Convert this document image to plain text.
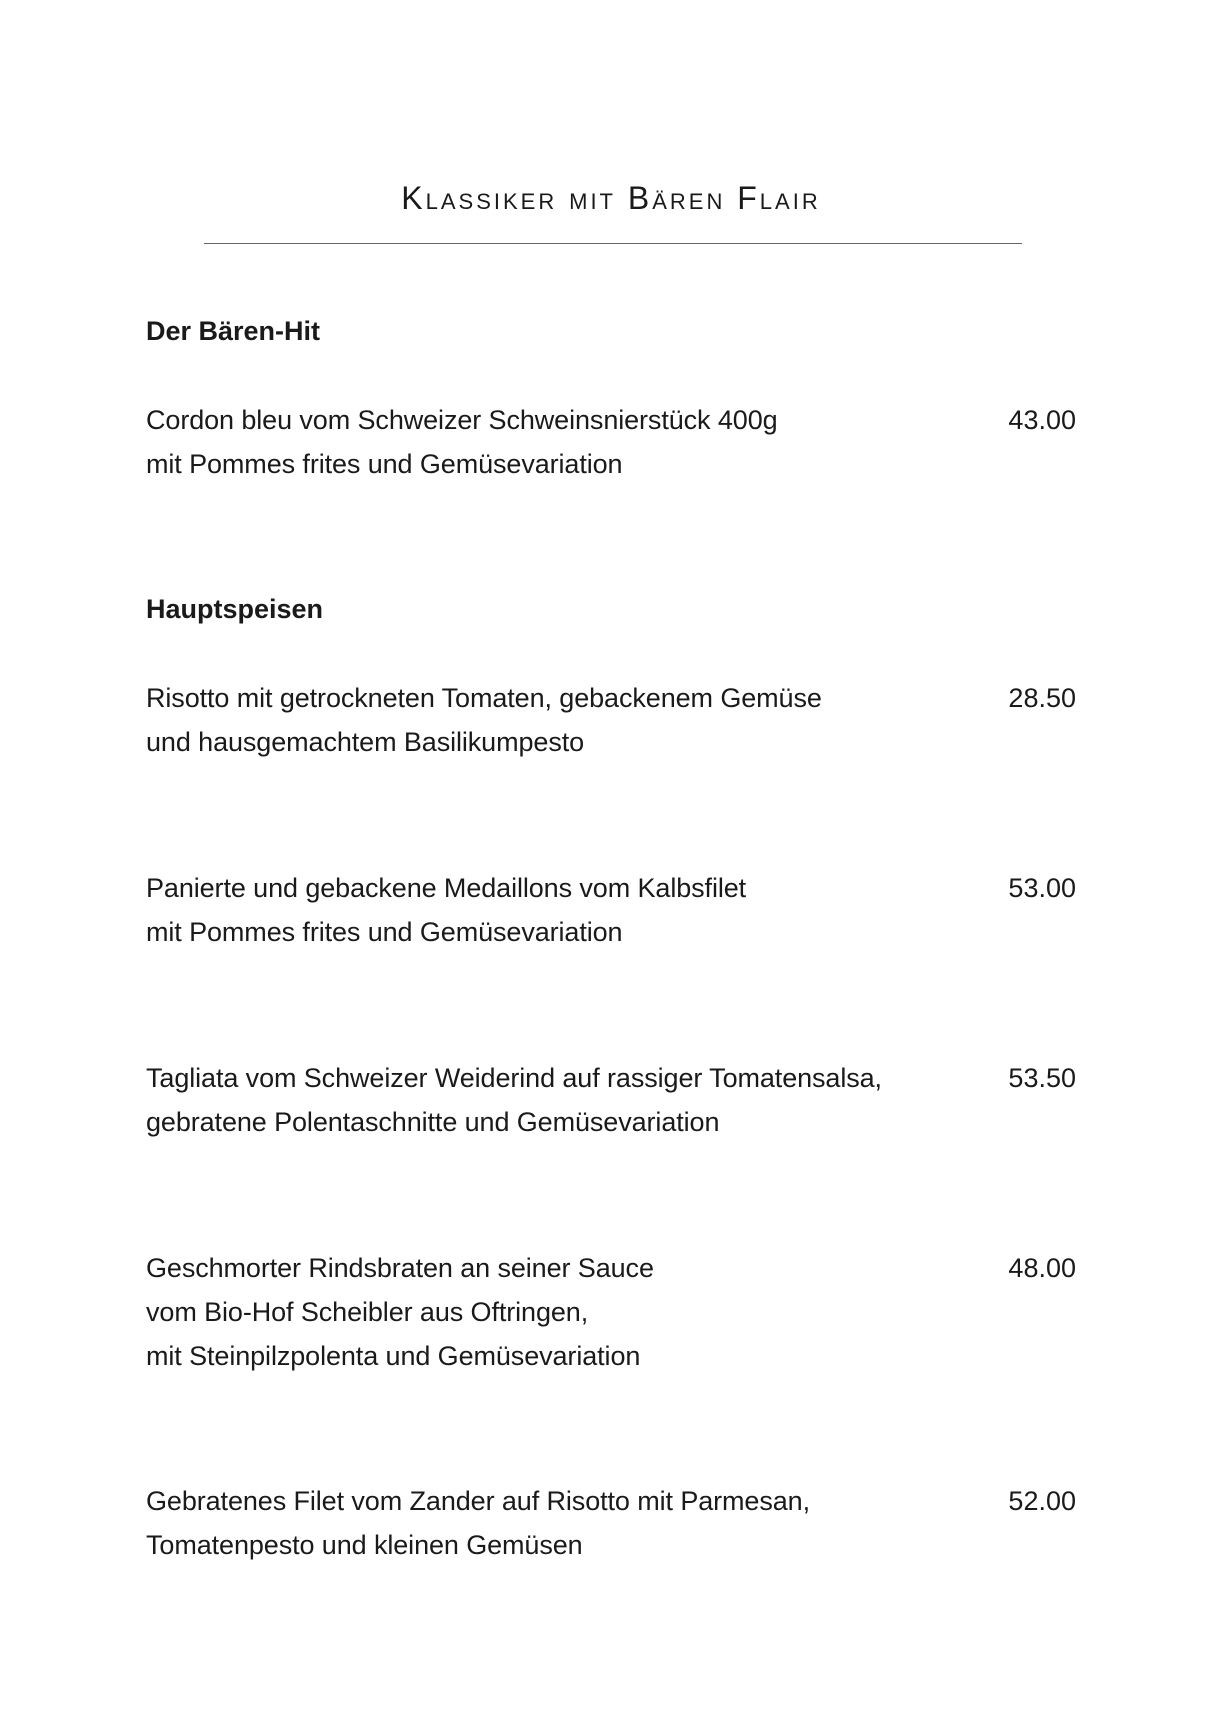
Klassiker mit Bären Flair
Der Bären-Hit
Cordon bleu vom Schweizer Schweinsnierstück 400g
mit Pommes frites und Gemüsevariation
43.00
Hauptspeisen
Risotto mit getrockneten Tomaten, gebackenem Gemüse
und hausgemachtem Basilikumpesto
28.50
Panierte und gebackene Medaillons vom Kalbsfilet
mit Pommes frites und Gemüsevariation
53.00
Tagliata vom Schweizer Weiderind auf rassiger Tomatensalsa,
gebratene Polentaschnitte und Gemüsevariation
53.50
Geschmorter Rindsbraten an seiner Sauce
vom Bio-Hof Scheibler aus Oftringen,
mit Steinpilzpolenta und Gemüsevariation
48.00
Gebratenes Filet vom Zander auf Risotto mit Parmesan,
Tomatenpesto und kleinen Gemüsen
52.00
